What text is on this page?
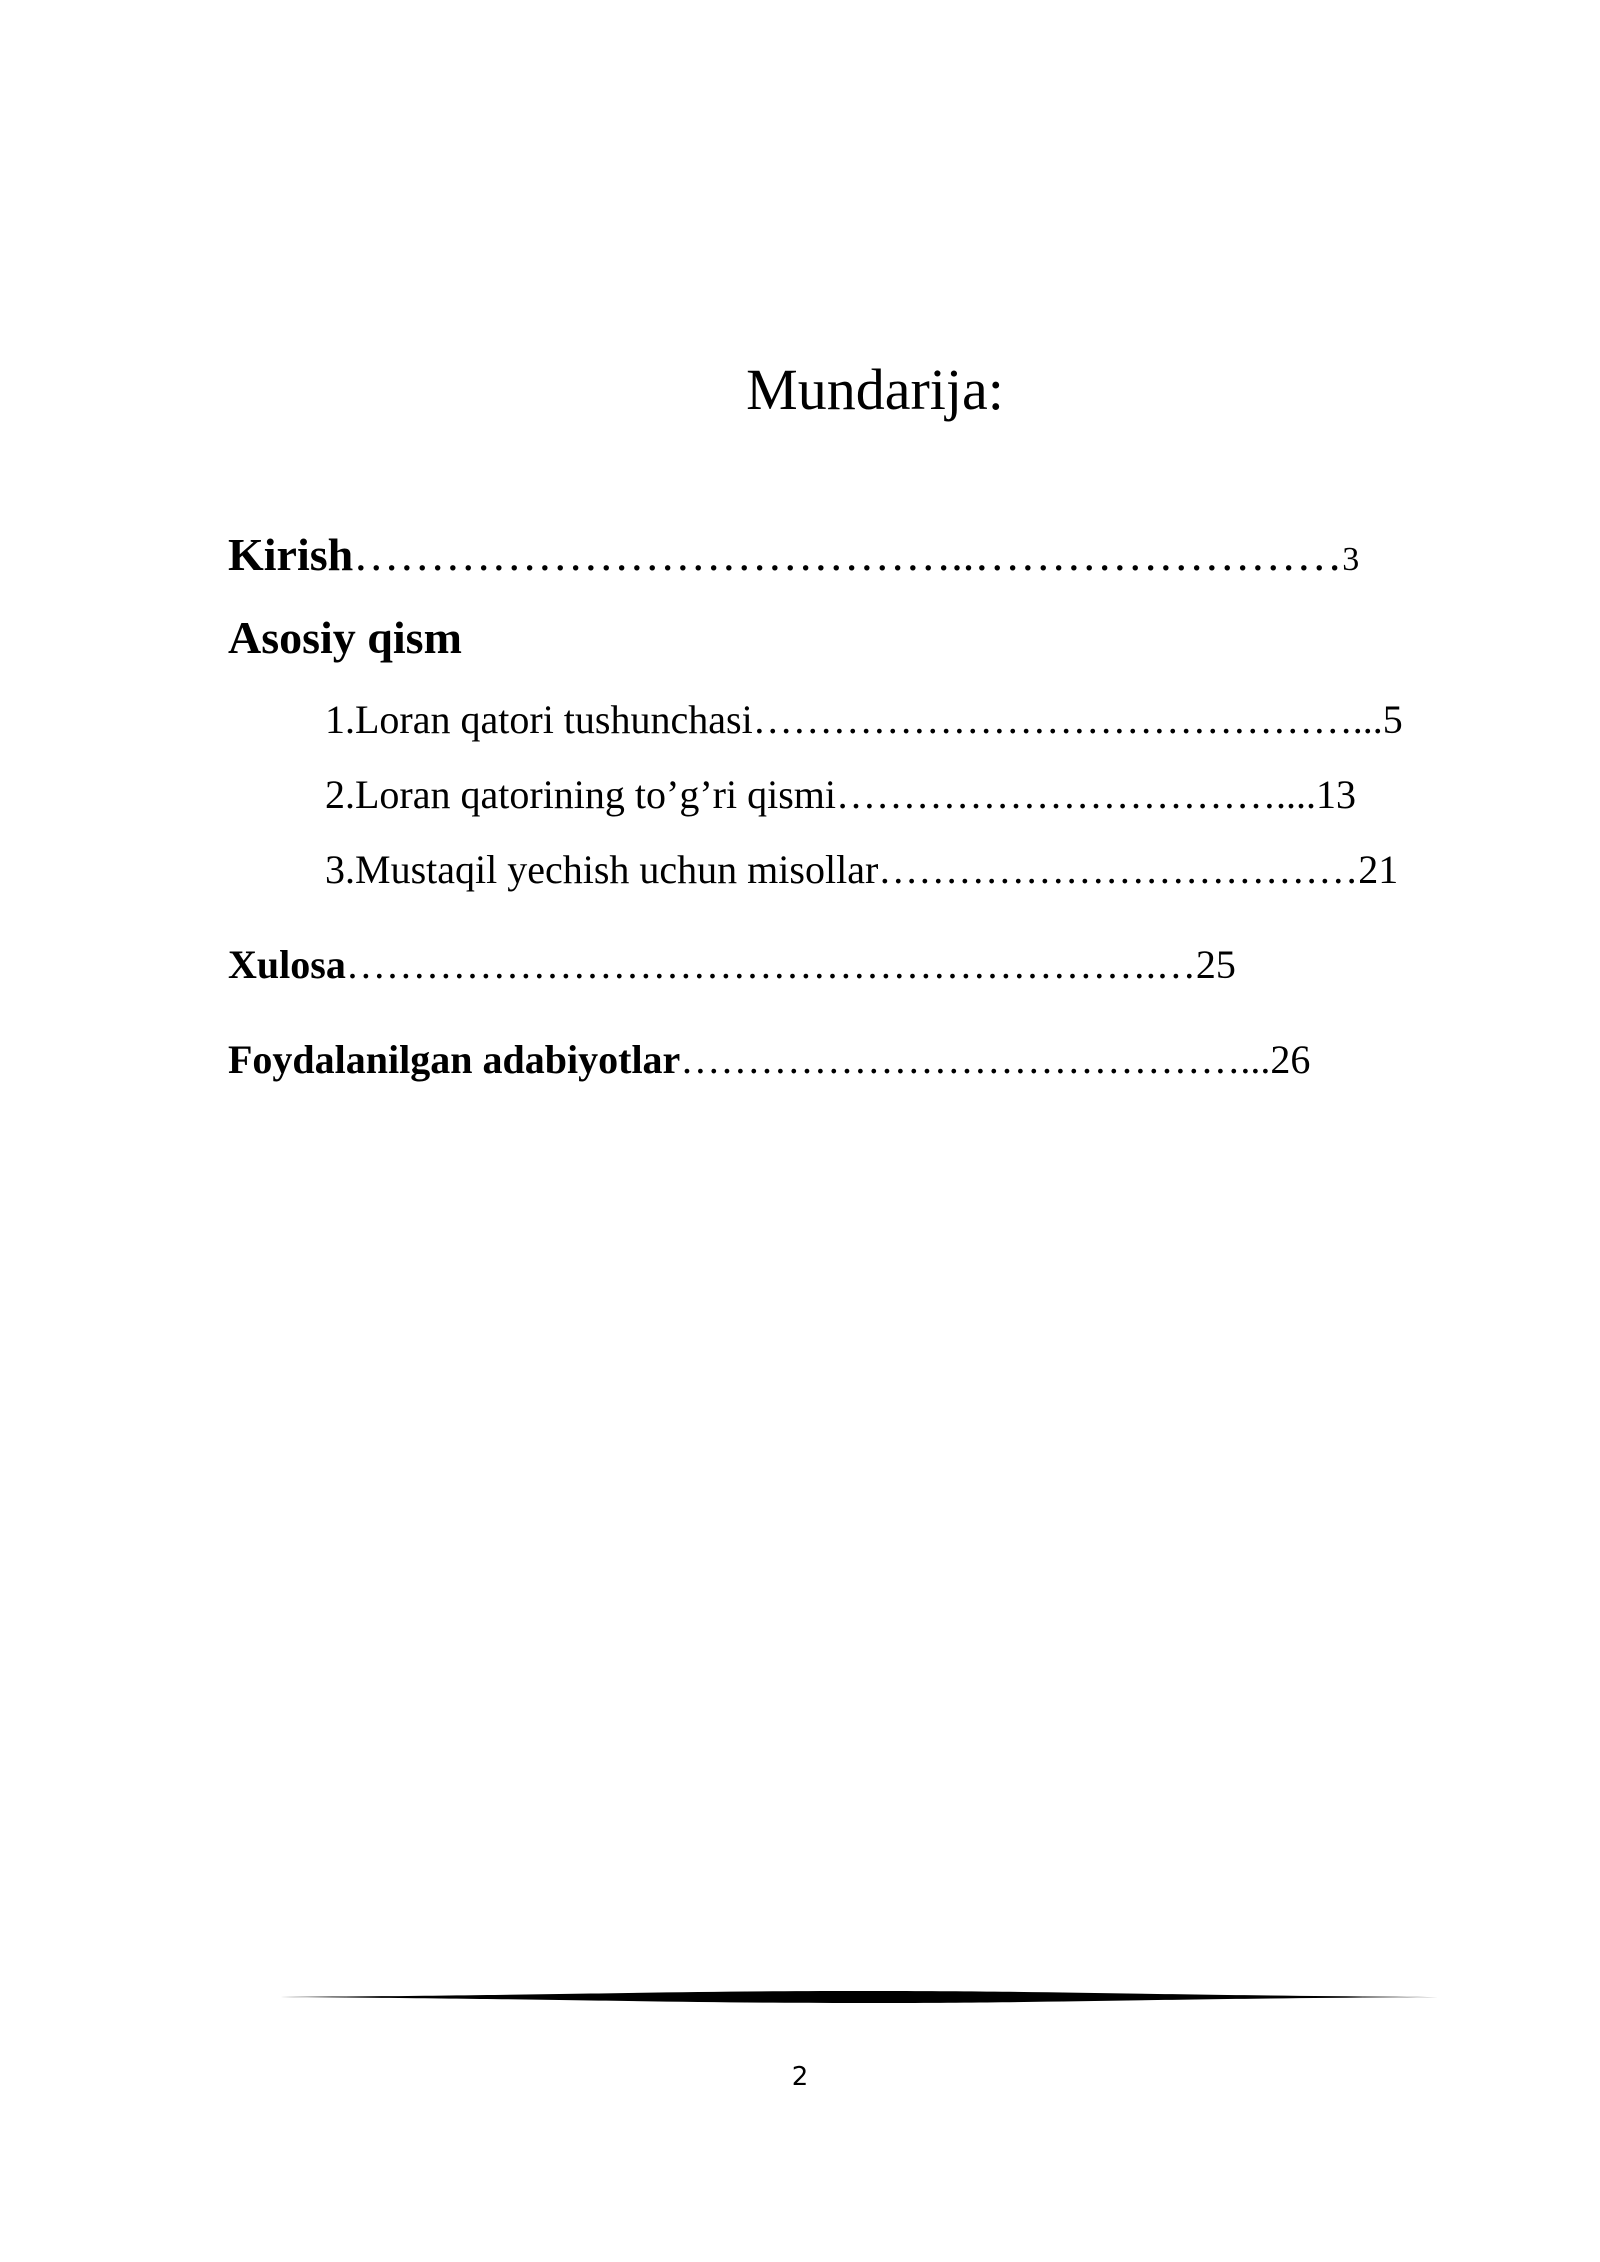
Mundarija:
Kirish…………………………………..……………………3
Asosiy qism
1.Loran qatori tushunchasi………………………………………...5
2.Loran qatorining to’g’ri qismi……………………………....13
3.Mustaqil yechish uchun misollar………………………………21
Xulosa…………………………………………………….…25
Foydalanilgan adabiyotlar……………………………………...26
2
